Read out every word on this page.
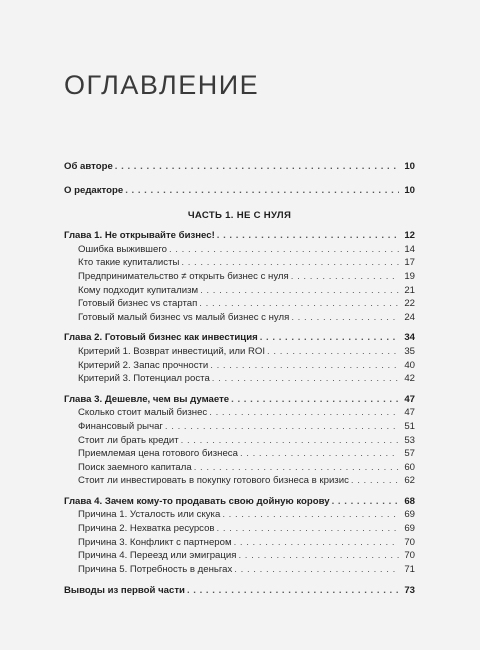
ОГЛАВЛЕНИЕ
Об авторе . . .	10
О редакторе . . .	10
ЧАСТЬ 1. НЕ С НУЛЯ
Глава 1. Не открывайте бизнес! . . .	12
Ошибка выжившего . . .	14
Кто такие купиталисты . . .	17
Предпринимательство ≠ открыть бизнес с нуля . . .	19
Кому подходит купитализм . . .	21
Готовый бизнес vs стартап . . .	22
Готовый малый бизнес vs малый бизнес с нуля . . .	24
Глава 2. Готовый бизнес как инвестиция . . .	34
Критерий 1. Возврат инвестиций, или ROI . . .	35
Критерий 2. Запас прочности . . .	40
Критерий 3. Потенциал роста . . .	42
Глава 3. Дешевле, чем вы думаете . . .	47
Сколько стоит малый бизнес . . .	47
Финансовый рычаг . . .	51
Стоит ли брать кредит . . .	53
Приемлемая цена готового бизнеса . . .	57
Поиск заемного капитала . . .	60
Стоит ли инвестировать в покупку готового бизнеса в кризис . . .	62
Глава 4. Зачем кому-то продавать свою дойную корову . . .	68
Причина 1. Усталость или скука . . .	69
Причина 2. Нехватка ресурсов . . .	69
Причина 3. Конфликт с партнером . . .	70
Причина 4. Переезд или эмиграция . . .	70
Причина 5. Потребность в деньгах . . .	71
Выводы из первой части . . .	73
